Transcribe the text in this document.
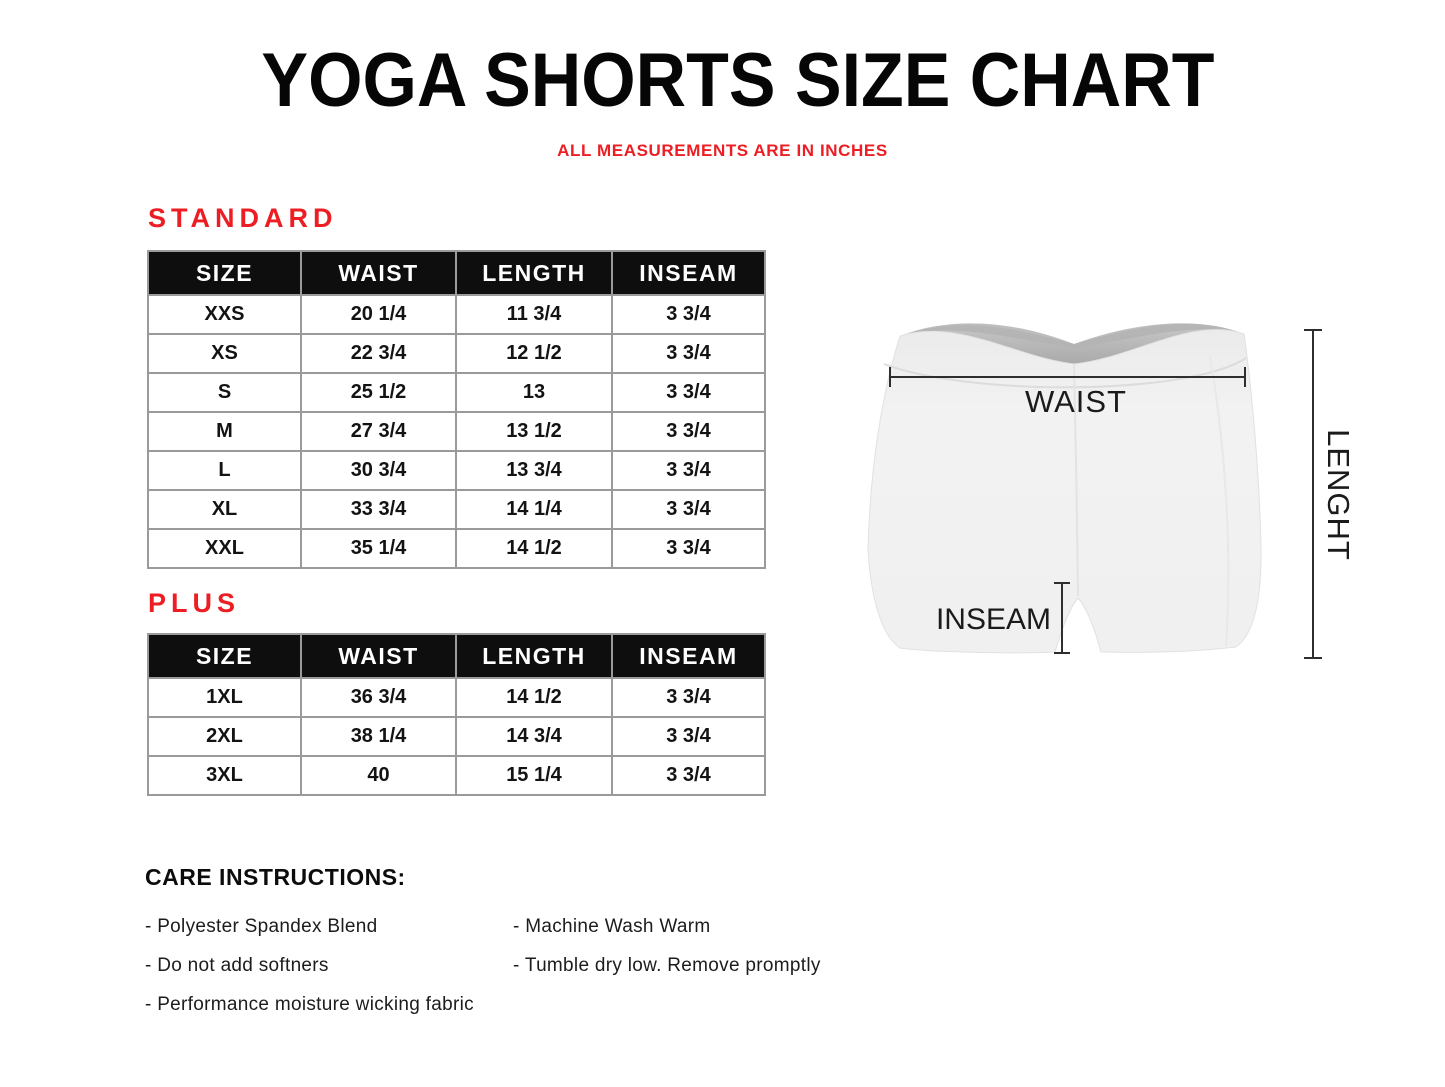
YOGA SHORTS SIZE CHART
ALL MEASUREMENTS ARE IN INCHES
STANDARD
SIZE	WAIST	LENGTH	INSEAM
XXS	20 1/4	11 3/4	3 3/4
XS	22 3/4	12 1/2	3 3/4
S	25 1/2	13	3 3/4
M	27 3/4	13 1/2	3 3/4
L	30 3/4	13 3/4	3 3/4
XL	33 3/4	14 1/4	3 3/4
XXL	35 1/4	14 1/2	3 3/4
PLUS
SIZE	WAIST	LENGTH	INSEAM
1XL	36 3/4	14 1/2	3 3/4
2XL	38 1/4	14 3/4	3 3/4
3XL	40	15 1/4	3 3/4
CARE INSTRUCTIONS:
- Polyester Spandex Blend
- Do not add softners
- Performance moisture wicking fabric
- Machine Wash Warm
- Tumble dry low. Remove promptly
WAIST
INSEAM
LENGHT
